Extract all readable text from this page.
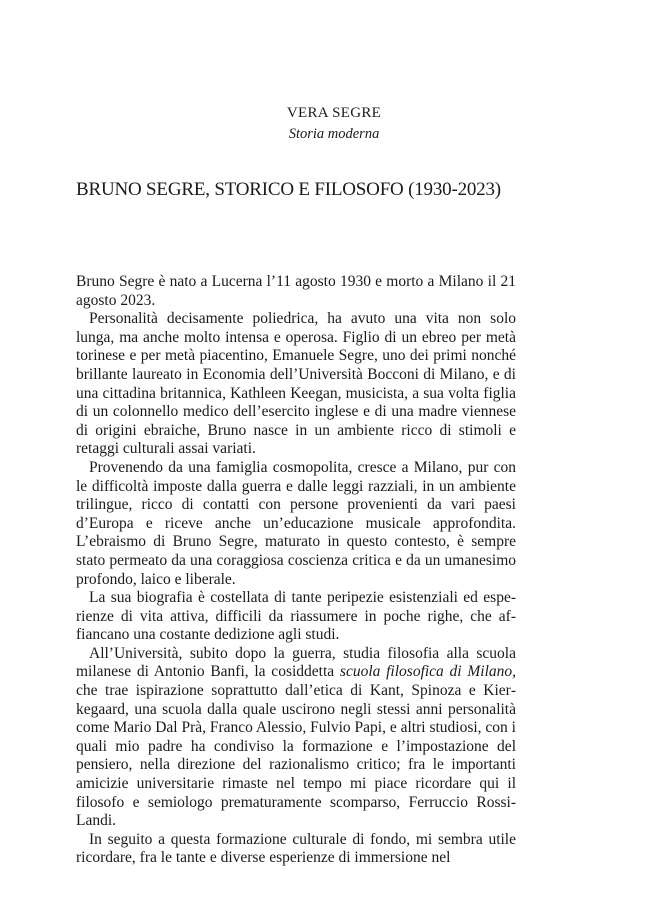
VERA SEGRE
Storia moderna
BRUNO SEGRE, STORICO E FILOSOFO (1930-2023)

Bruno Segre è nato a Lucerna l’11 agosto 1930 e morto a Milano il 21 agosto 2023.

Personalità decisamente poliedrica, ha avuto una vita non solo lunga, ma anche molto intensa e operosa. Figlio di un ebreo per metà torinese e per metà piacentino, Emanuele Segre, uno dei primi nonché brillante laureato in Economia dell’Università Bocconi di Milano, e di una cittadina britannica, Kathleen Keegan, musicista, a sua volta figlia di un colonnello medico dell’esercito inglese e di una madre viennese di origini ebraiche, Bruno nasce in un ambiente ricco di stimoli e retaggi culturali assai variati.

Provenendo da una famiglia cosmopolita, cresce a Milano, pur con le difficoltà imposte dalla guerra e dalle leggi razziali, in un ambiente trilingue, ricco di contatti con persone provenienti da vari paesi d’Europa e riceve anche un’educazione musicale approfondita. L’ebraismo di Bruno Segre, maturato in questo contesto, è sempre stato permeato da una coraggiosa coscienza critica e da un umanesimo profondo, laico e liberale.

La sua biografia è costellata di tante peripezie esistenziali ed esperienze di vita attiva, difficili da riassumere in poche righe, che affiancano una costante dedizione agli studi.

All’Università, subito dopo la guerra, studia filosofia alla scuola milanese di Antonio Banfi, la cosiddetta scuola filosofica di Milano, che trae ispirazione soprattutto dall’etica di Kant, Spinoza e Kierkegaard, una scuola dalla quale uscirono negli stessi anni personalità come Mario Dal Prà, Franco Alessio, Fulvio Papi, e altri studiosi, con i quali mio padre ha condiviso la formazione e l’impostazione del pensiero, nella direzione del razionalismo critico; fra le importanti amicizie universitarie rimaste nel tempo mi piace ricordare qui il filosofo e semiologo prematuramente scomparso, Ferruccio Rossi-Landi.

In seguito a questa formazione culturale di fondo, mi sembra utile ricordare, fra le tante e diverse esperienze di immersione nel
